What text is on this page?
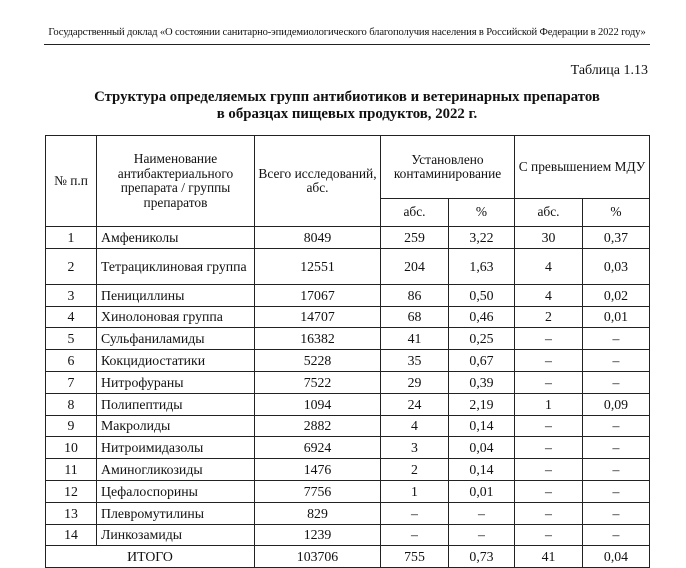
Государственный доклад «О состоянии санитарно-эпидемиологического благополучия населения в Российской Федерации в 2022 году»
Таблица 1.13
Структура определяемых групп антибиотиков и ветеринарных препаратов
в образцах пищевых продуктов, 2022 г.
№ п.п	Наименование антибактериального препарата / группы препаратов	Всего исследований, абс.	Установлено контаминирование		С превышением МДУ	
			абс.	%	абс.	%
1	Амфениколы	8049	259	3,22	30	0,37
2	Тетрациклиновая группа	12551	204	1,63	4	0,03
3	Пенициллины	17067	86	0,50	4	0,02
4	Хинолоновая группа	14707	68	0,46	2	0,01
5	Сульфаниламиды	16382	41	0,25	–	–
6	Кокцидиостатики	5228	35	0,67	–	–
7	Нитрофураны	7522	29	0,39	–	–
8	Полипептиды	1094	24	2,19	1	0,09
9	Макролиды	2882	4	0,14	–	–
10	Нитроимидазолы	6924	3	0,04	–	–
11	Аминогликозиды	1476	2	0,14	–	–
12	Цефалоспорины	7756	1	0,01	–	–
13	Плевромутилины	829	–	–	–	–
14	Линкозамиды	1239	–	–	–	–
ИТОГО		103706	755	0,73	41	0,04
